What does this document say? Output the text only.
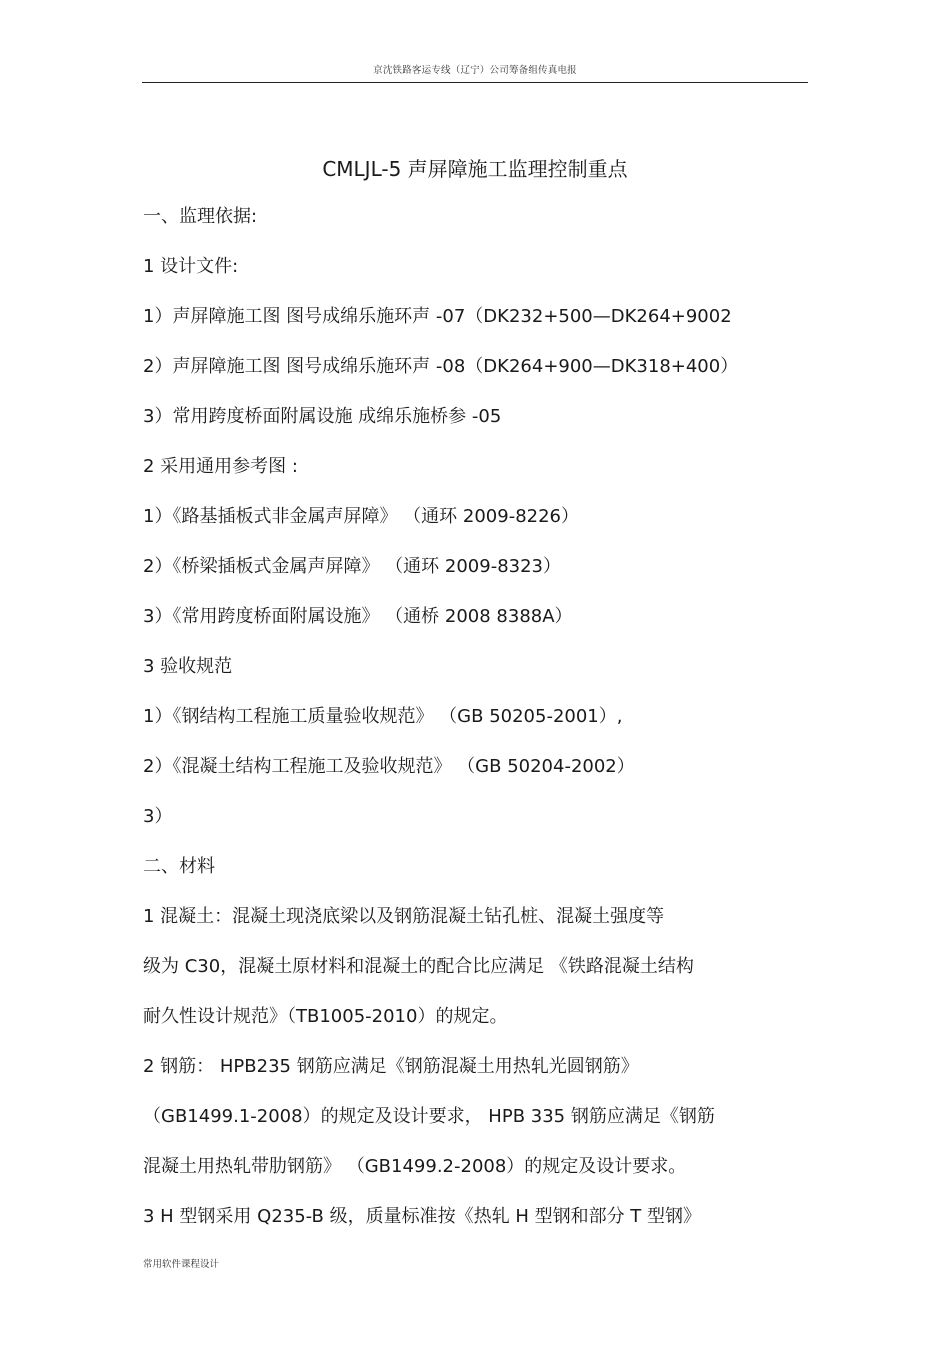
京沈铁路客运专线（辽宁）公司筹备组传真电报
CMLJL-5 声屏障施工监理控制重点
一、监理依据:
1 设计文件:
1）声屏障施工图 图号成绵乐施环声 -07（DK232+500—DK264+9002
2）声屏障施工图 图号成绵乐施环声 -08（DK264+900—DK318+400）
3）常用跨度桥面附属设施 成绵乐施桥参 -05
2 采用通用参考图 :
1）《路基插板式非金属声屏障》 （通环 2009-8226）
2）《桥梁插板式金属声屏障》 （通环 2009-8323）
3）《常用跨度桥面附属设施》 （通桥 2008 8388A）
3 验收规范
1）《钢结构工程施工质量验收规范》 （GB 50205-2001）,
2）《混凝土结构工程施工及验收规范》 （GB 50204-2002）
3）
二、材料
1 混凝土：混凝土现浇底梁以及钢筋混凝土钻孔桩、混凝土强度等
级为 C30，混凝土原材料和混凝土的配合比应满足 《铁路混凝土结构
耐久性设计规范》（TB1005-2010）的规定。
2 钢筋： HPB235 钢筋应满足《钢筋混凝土用热轧光圆钢筋》
（GB1499.1-2008）的规定及设计要求， HPB 335 钢筋应满足《钢筋
混凝土用热轧带肋钢筋》 （GB1499.2-2008）的规定及设计要求。
3 H 型钢采用 Q235-B 级，质量标准按《热轧 H 型钢和部分 T 型钢》
常用软件课程设计
